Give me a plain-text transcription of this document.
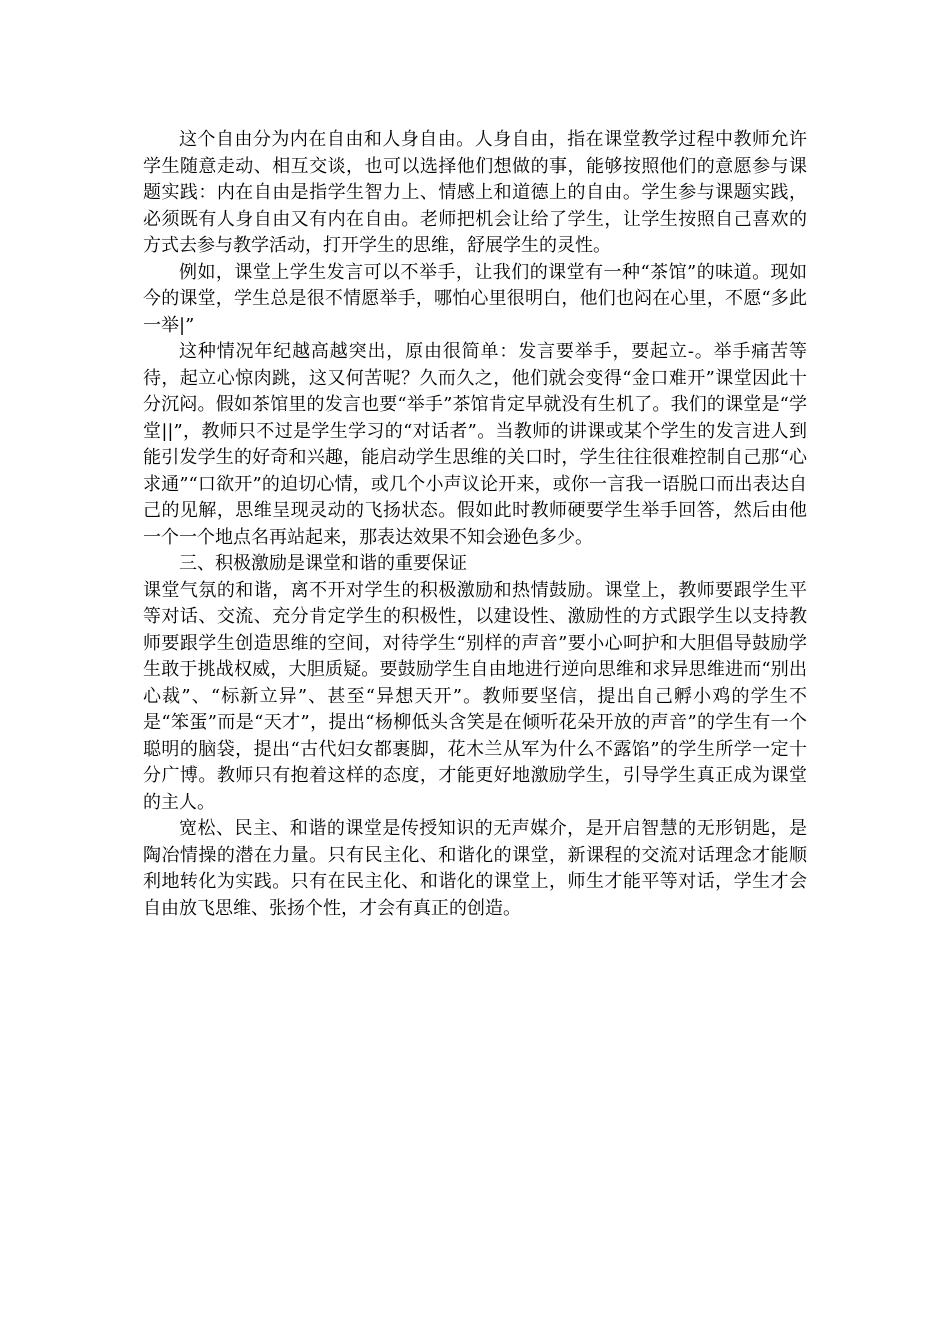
这个自由分为内在自由和人身自由。人身自由，指在课堂教学过程中教师允许学生随意走动、相互交谈，也可以选择他们想做的事，能够按照他们的意愿参与课题实践：内在自由是指学生智力上、情感上和道德上的自由。学生参与课题实践，必须既有人身自由又有内在自由。老师把机会让给了学生，让学生按照自己喜欢的方式去参与教学活动，打开学生的思维，舒展学生的灵性。

例如，课堂上学生发言可以不举手，让我们的课堂有一种“茶馆”的味道。现如今的课堂，学生总是很不情愿举手，哪怕心里很明白，他们也闷在心里，不愿“多此一举|”

这种情况年纪越高越突出，原由很简单：发言要举手，要起立-。举手痛苦等待，起立心惊肉跳，这又何苦呢？久而久之，他们就会变得“金口难开”课堂因此十分沉闷。假如茶馆里的发言也要“举手”茶馆肯定早就没有生机了。我们的课堂是“学堂||”，教师只不过是学生学习的“对话者”。当教师的讲课或某个学生的发言进人到能引发学生的好奇和兴趣，能启动学生思维的关口时，学生往往很难控制自己那“心求通”“口欲开”的迫切心情，或几个小声议论开来，或你一言我一语脱口而出表达自己的见解，思维呈现灵动的飞扬状态。假如此时教师硬要学生举手回答，然后由他一个一个地点名再站起来，那表达效果不知会逊色多少。

三、积极激励是课堂和谐的重要保证

课堂气氛的和谐，离不开对学生的积极激励和热情鼓励。课堂上，教师要跟学生平等对话、交流、充分肯定学生的积极性，以建设性、激励性的方式跟学生以支持教师要跟学生创造思维的空间，对待学生“别样的声音”要小心呵护和大胆倡导鼓励学生敢于挑战权威，大胆质疑。要鼓励学生自由地进行逆向思维和求异思维进而“别出心裁”、“标新立异”、甚至“异想天开”。教师要坚信，提出自己孵小鸡的学生不是“笨蛋”而是“天才”，提出“杨柳低头含笑是在倾听花朵开放的声音”的学生有一个聪明的脑袋，提出“古代妇女都裹脚，花木兰从军为什么不露馅”的学生所学一定十分广博。教师只有抱着这样的态度，才能更好地激励学生，引导学生真正成为课堂的主人。

宽松、民主、和谐的课堂是传授知识的无声媒介，是开启智慧的无形钥匙，是陶冶情操的潜在力量。只有民主化、和谐化的课堂，新课程的交流对话理念才能顺利地转化为实践。只有在民主化、和谐化的课堂上，师生才能平等对话，学生才会自由放飞思维、张扬个性，才会有真正的创造。
